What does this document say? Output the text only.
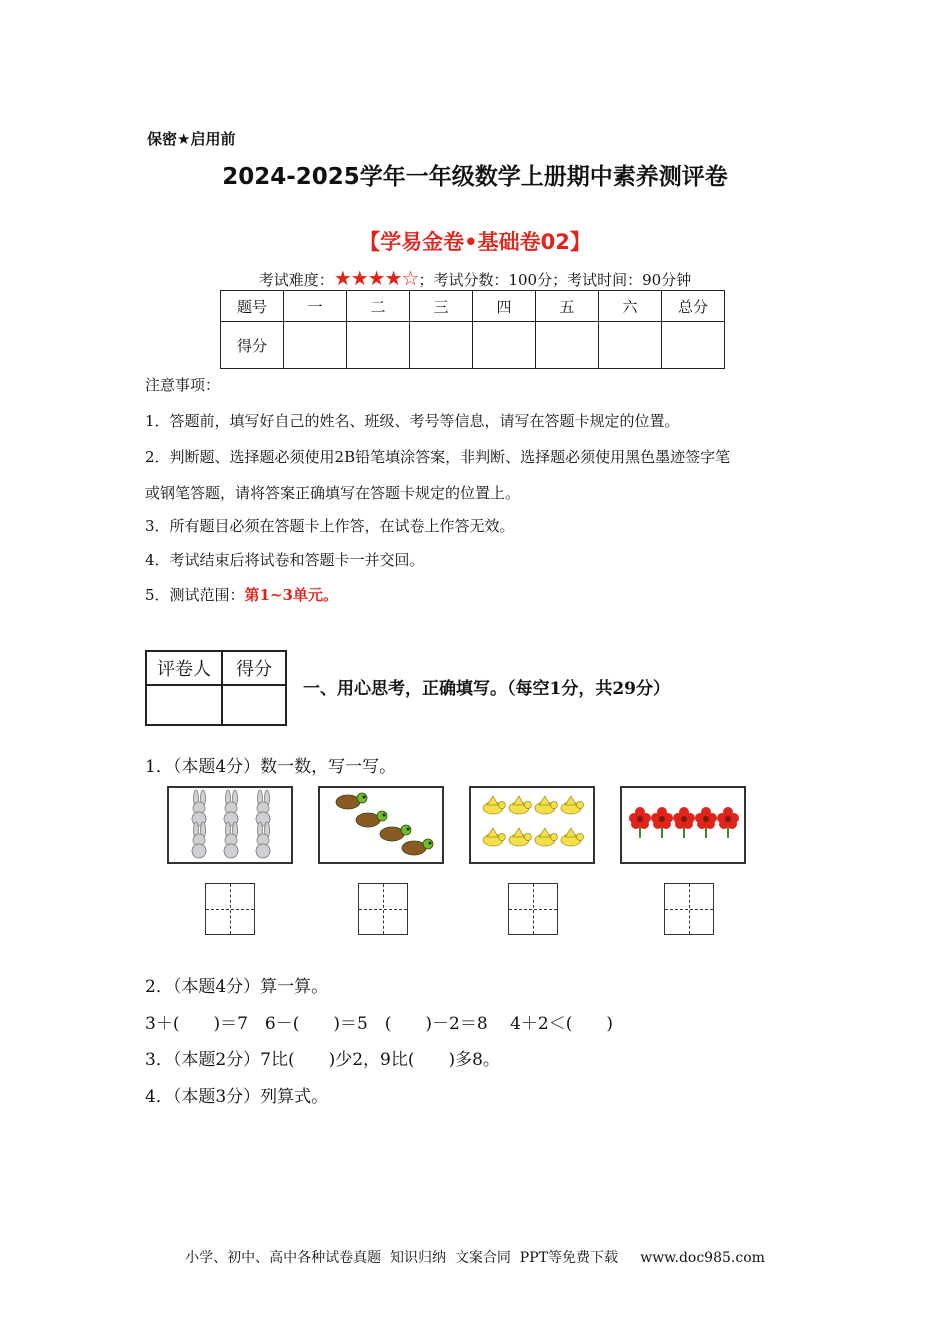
保密★启用前
2024-2025学年一年级数学上册期中素养测评卷
【学易金卷•基础卷02】
考试难度：★★★★☆；考试分数：100分；考试时间：90分钟
题号	一	二	三	四	五	六	总分
得分							
注意事项：
1．答题前，填写好自己的姓名、班级、考号等信息，请写在答题卡规定的位置。
2．判断题、选择题必须使用2B铅笔填涂答案，非判断、选择题必须使用黑色墨迹签字笔
或钢笔答题，请将答案正确填写在答题卡规定的位置上。
3．所有题目必须在答题卡上作答，在试卷上作答无效。
4．考试结束后将试卷和答题卡一并交回。
5．测试范围：第1~3单元。
评卷人	得分

一、用心思考，正确填写。（每空1分，共29分）
1．（本题4分）数一数，写一写。
2．（本题4分）算一算。
3＋(　　)＝7　6－(　　)＝5　(　　)－2＝8　 4＋2＜(　　)
3．（本题2分）7比(　　)少2，9比(　　)多8。
4．（本题3分）列算式。
小学、初中、高中各种试卷真题  知识归纳  文案合同  PPT等免费下载     www.doc985.com
